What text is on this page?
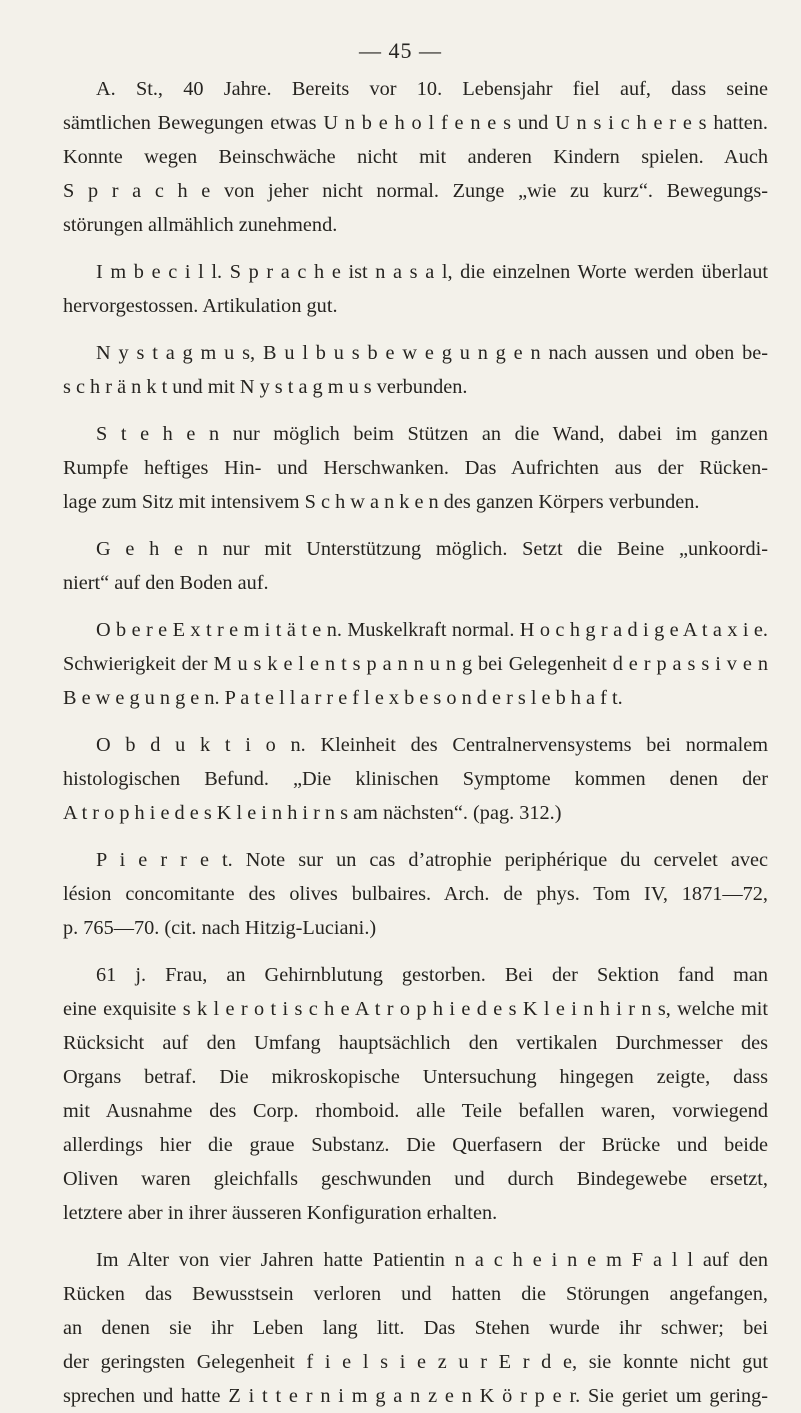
— 45 —
A. St., 40 Jahre. Bereits vor 10. Lebensjahr fiel auf, dass seine
sämtlichen Bewegungen etwas U n b e h o l f e n e s und U n s i c h e r e s hatten.
Konnte wegen Beinschwäche nicht mit anderen Kindern spielen. Auch
S p r a c h e von jeher nicht normal. Zunge „wie zu kurz“. Bewegungs-
störungen allmählich zunehmend.
I m b e c i l l. S p r a c h e ist n a s a l, die einzelnen Worte werden überlaut
hervorgestossen. Artikulation gut.
N y s t a g m u s, B u l b u s b e w e g u n g e n nach aussen und oben be-
s c h r ä n k t und mit N y s t a g m u s verbunden.
S t e h e n nur möglich beim Stützen an die Wand, dabei im ganzen
Rumpfe heftiges Hin- und Herschwanken. Das Aufrichten aus der Rücken-
lage zum Sitz mit intensivem S c h w a n k e n des ganzen Körpers verbunden.
G e h e n nur mit Unterstützung möglich. Setzt die Beine „unkoordi-
niert“ auf den Boden auf.
O b e r e E x t r e m i t ä t e n. Muskelkraft normal. H o c h g r a d i g e A t a x i e.
Schwierigkeit der M u s k e l e n t s p a n n u n g bei Gelegenheit d e r p a s s i v e n
B e w e g u n g e n. P a t e l l a r r e f l e x b e s o n d e r s l e b h a f t.
O b d u k t i o n. Kleinheit des Centralnervensystems bei normalem
histologischen Befund. „Die klinischen Symptome kommen denen der
A t r o p h i e d e s K l e i n h i r n s am nächsten“. (pag. 312.)
P i e r r e t. Note sur un cas d’atrophie periphérique du cervelet avec
lésion concomitante des olives bulbaires. Arch. de phys. Tom IV, 1871—72,
p. 765—70. (cit. nach Hitzig-Luciani.)
61 j. Frau, an Gehirnblutung gestorben. Bei der Sektion fand man
eine exquisite s k l e r o t i s c h e A t r o p h i e d e s K l e i n h i r n s, welche mit
Rücksicht auf den Umfang hauptsächlich den vertikalen Durchmesser des
Organs betraf. Die mikroskopische Untersuchung hingegen zeigte, dass
mit Ausnahme des Corp. rhomboid. alle Teile befallen waren, vorwiegend
allerdings hier die graue Substanz. Die Querfasern der Brücke und beide
Oliven waren gleichfalls geschwunden und durch Bindegewebe ersetzt,
letztere aber in ihrer äusseren Konfiguration erhalten.
Im Alter von vier Jahren hatte Patientin n a c h e i n e m F a l l auf den
Rücken das Bewusstsein verloren und hatten die Störungen angefangen,
an denen sie ihr Leben lang litt. Das Stehen wurde ihr schwer; bei
der geringsten Gelegenheit f i e l s i e z u r E r d e, sie konnte nicht gut
sprechen und hatte Z i t t e r n i m g a n z e n K ö r p e r. Sie geriet um gering-
